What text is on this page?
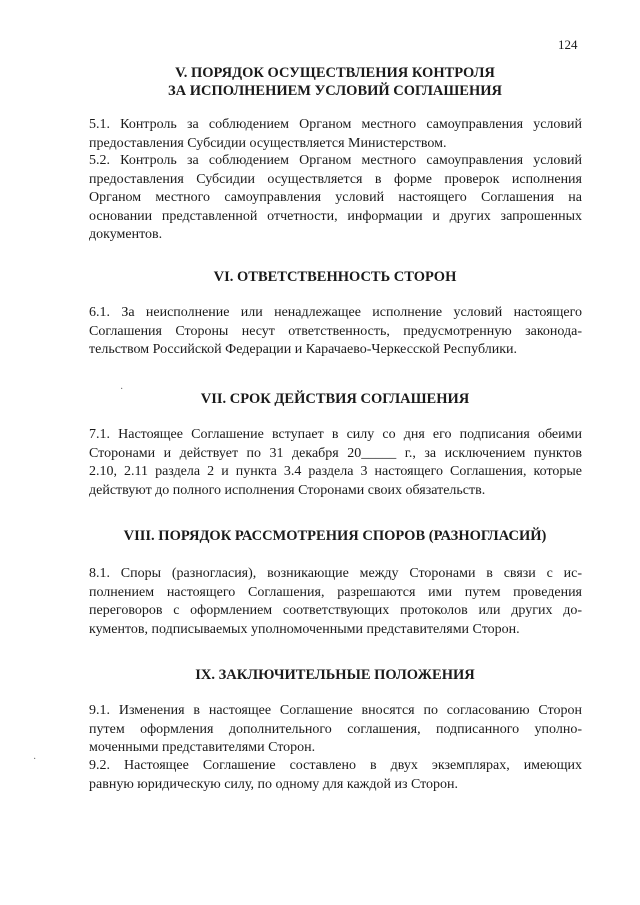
124
V. ПОРЯДОК ОСУЩЕСТВЛЕНИЯ КОНТРОЛЯ
ЗА ИСПОЛНЕНИЕМ УСЛОВИЙ СОГЛАШЕНИЯ
5.1. Контроль за соблюдением Органом местного самоуправления условий
предоставления Субсидии осуществляется Министерством.
5.2. Контроль за соблюдением Органом местного самоуправления условий
предоставления Субсидии осуществляется в форме проверок исполнения
Органом местного самоуправления условий настоящего Соглашения на
основании представленной отчетности, информации и других запрошенных
документов.
VI. ОТВЕТСТВЕННОСТЬ СТОРОН
6.1. За неисполнение или ненадлежащее исполнение условий настоящего
Соглашения Стороны несут ответственность, предусмотренную законода-
тельством Российской Федерации и Карачаево-Черкесской Республики.
·
VII. СРОК ДЕЙСТВИЯ СОГЛАШЕНИЯ
7.1. Настоящее Соглашение вступает в силу со дня его подписания обеими
Сторонами и действует по 31 декабря 20_____ г., за исключением пунктов
2.10, 2.11 раздела 2 и пункта 3.4 раздела 3 настоящего Соглашения, которые
действуют до полного исполнения Сторонами своих обязательств.
VIII. ПОРЯДОК РАССМОТРЕНИЯ СПОРОВ (РАЗНОГЛАСИЙ)
8.1. Споры (разногласия), возникающие между Сторонами в связи с ис-
полнением настоящего Соглашения, разрешаются ими путем проведения
переговоров с оформлением соответствующих протоколов или других до-
кументов, подписываемых уполномоченными представителями Сторон.
IX. ЗАКЛЮЧИТЕЛЬНЫЕ ПОЛОЖЕНИЯ
9.1. Изменения в настоящее Соглашение вносятся по согласованию Сторон
путем оформления дополнительного соглашения, подписанного уполно-
моченными представителями Сторон.
9.2. Настоящее Соглашение составлено в двух экземплярах, имеющих
равную юридическую силу, по одному для каждой из Сторон.
·
